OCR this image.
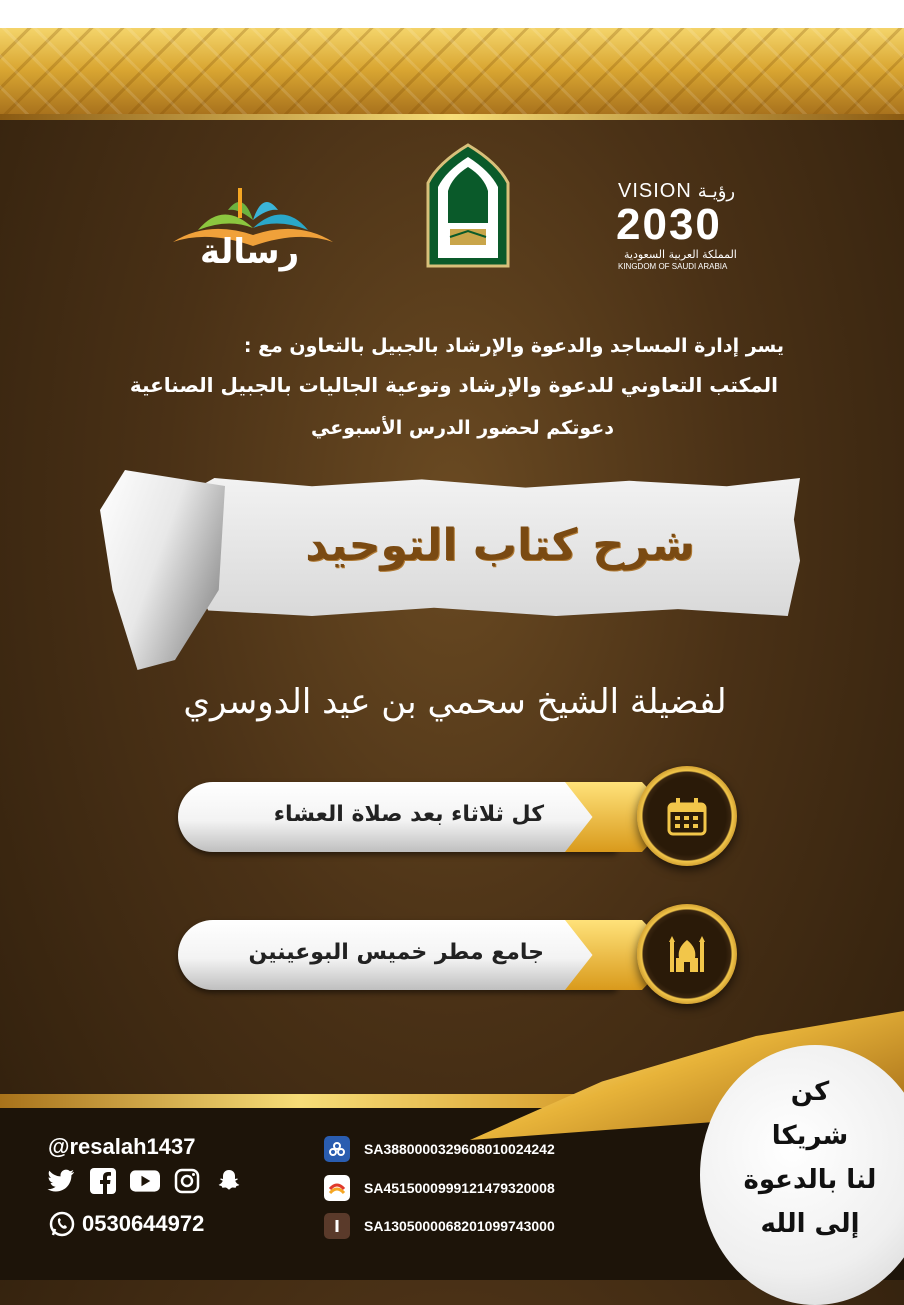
رسالة
VISION رؤيـة
2030
المملكة العربية السعودية
KINGDOM OF SAUDI ARABIA
يسر إدارة المساجد والدعوة والإرشاد بالجبيل بالتعاون مع :
المكتب التعاوني للدعوة والإرشاد وتوعية الجاليات بالجبيل الصناعية
دعوتكم لحضور الدرس الأسبوعي
شرح كتاب التوحيد
لفضيلة الشيخ سحمي بن عيد الدوسري
كل ثلاثاء بعد صلاة العشاء
جامع مطر خميس البوعينين
كن
شريكا
لنا بالدعوة
إلى الله
@resalah1437
0530644972
SA3880000329608010024242
SA4515000999121479320008
SA1305000068201099743000
